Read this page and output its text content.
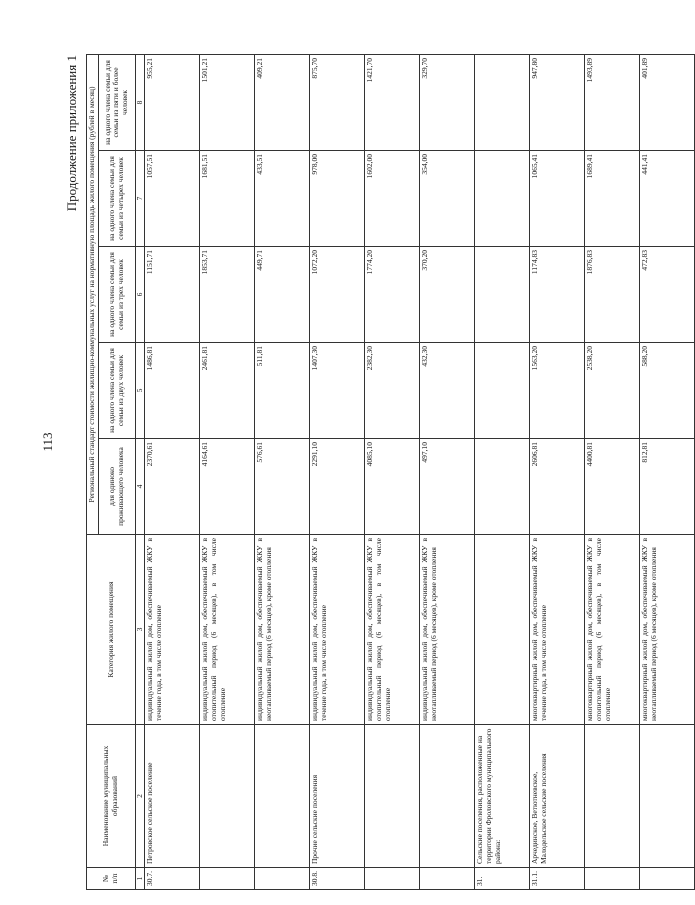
113
Продолжение приложения 1
№ п/п	Наименование муниципальных образований	Категория жилого помещения	Региональный стандарт стоимости жилищно-коммунальных услуг на нормативную площадь жилого помещения (рублей в месяц)				
			для одиноко проживающего человека	на одного члена семьи для семьи из двух человек	на одного члена семьи для семьи из трех человек	на одного члена семьи для семьи из четырех человек	на одного члена семьи для семьи из пяти и более человек
1	2	3	4	5	6	7	8
30.7.	Петровское сельское поселение	индивидуальный жилой дом, обеспечиваемый ЖКУ в течение года, в том числе отопление	2370,61	1486,81	1151,71	1057,51	955,21
		индивидуальный жилой дом, обеспечиваемый ЖКУ в отопительный период (6 месяцев), в том числе отопление	4164,61	2461,81	1853,71	1681,51	1501,21
		индивидуальный жилой дом, обеспечиваемый ЖКУ в неотапливаемый период (6 месяцев), кроме отопления	576,61	511,81	449,71	433,51	409,21
30.8.	Прочие сельские поселения	индивидуальный жилой дом, обеспечиваемый ЖКУ в течение года, в том числе отопление	2291,10	1407,30	1072,20	978,00	875,70
		индивидуальный жилой дом, обеспечиваемый ЖКУ в отопительный период (6 месяцев), в том числе отопление	4085,10	2382,30	1774,20	1602,00	1421,70
		индивидуальный жилой дом, обеспечиваемый ЖКУ в неотапливаемый период (6 месяцев), кроме отопления	497,10	432,30	370,20	354,00	329,70
31.	Сельские поселения, расположенные на территории Фроловского муниципального района:						
31.1.	Арчединское, Ветютневское, Малодельское сельские поселения	многоквартирный жилой дом, обеспечиваемый ЖКУ в течение года, в том числе отопление	2606,81	1563,20	1174,83	1065,41	947,80
		многоквартирный жилой дом, обеспечиваемый ЖКУ в отопительный период (6 месяцев), в том числе отопление	4400,81	2538,20	1876,83	1689,41	1493,89
		многоквартирный жилой дом, обеспечиваемый ЖКУ в неотапливаемый период (6 месяцев), кроме отопления	812,81	588,20	472,83	441,41	401,89
